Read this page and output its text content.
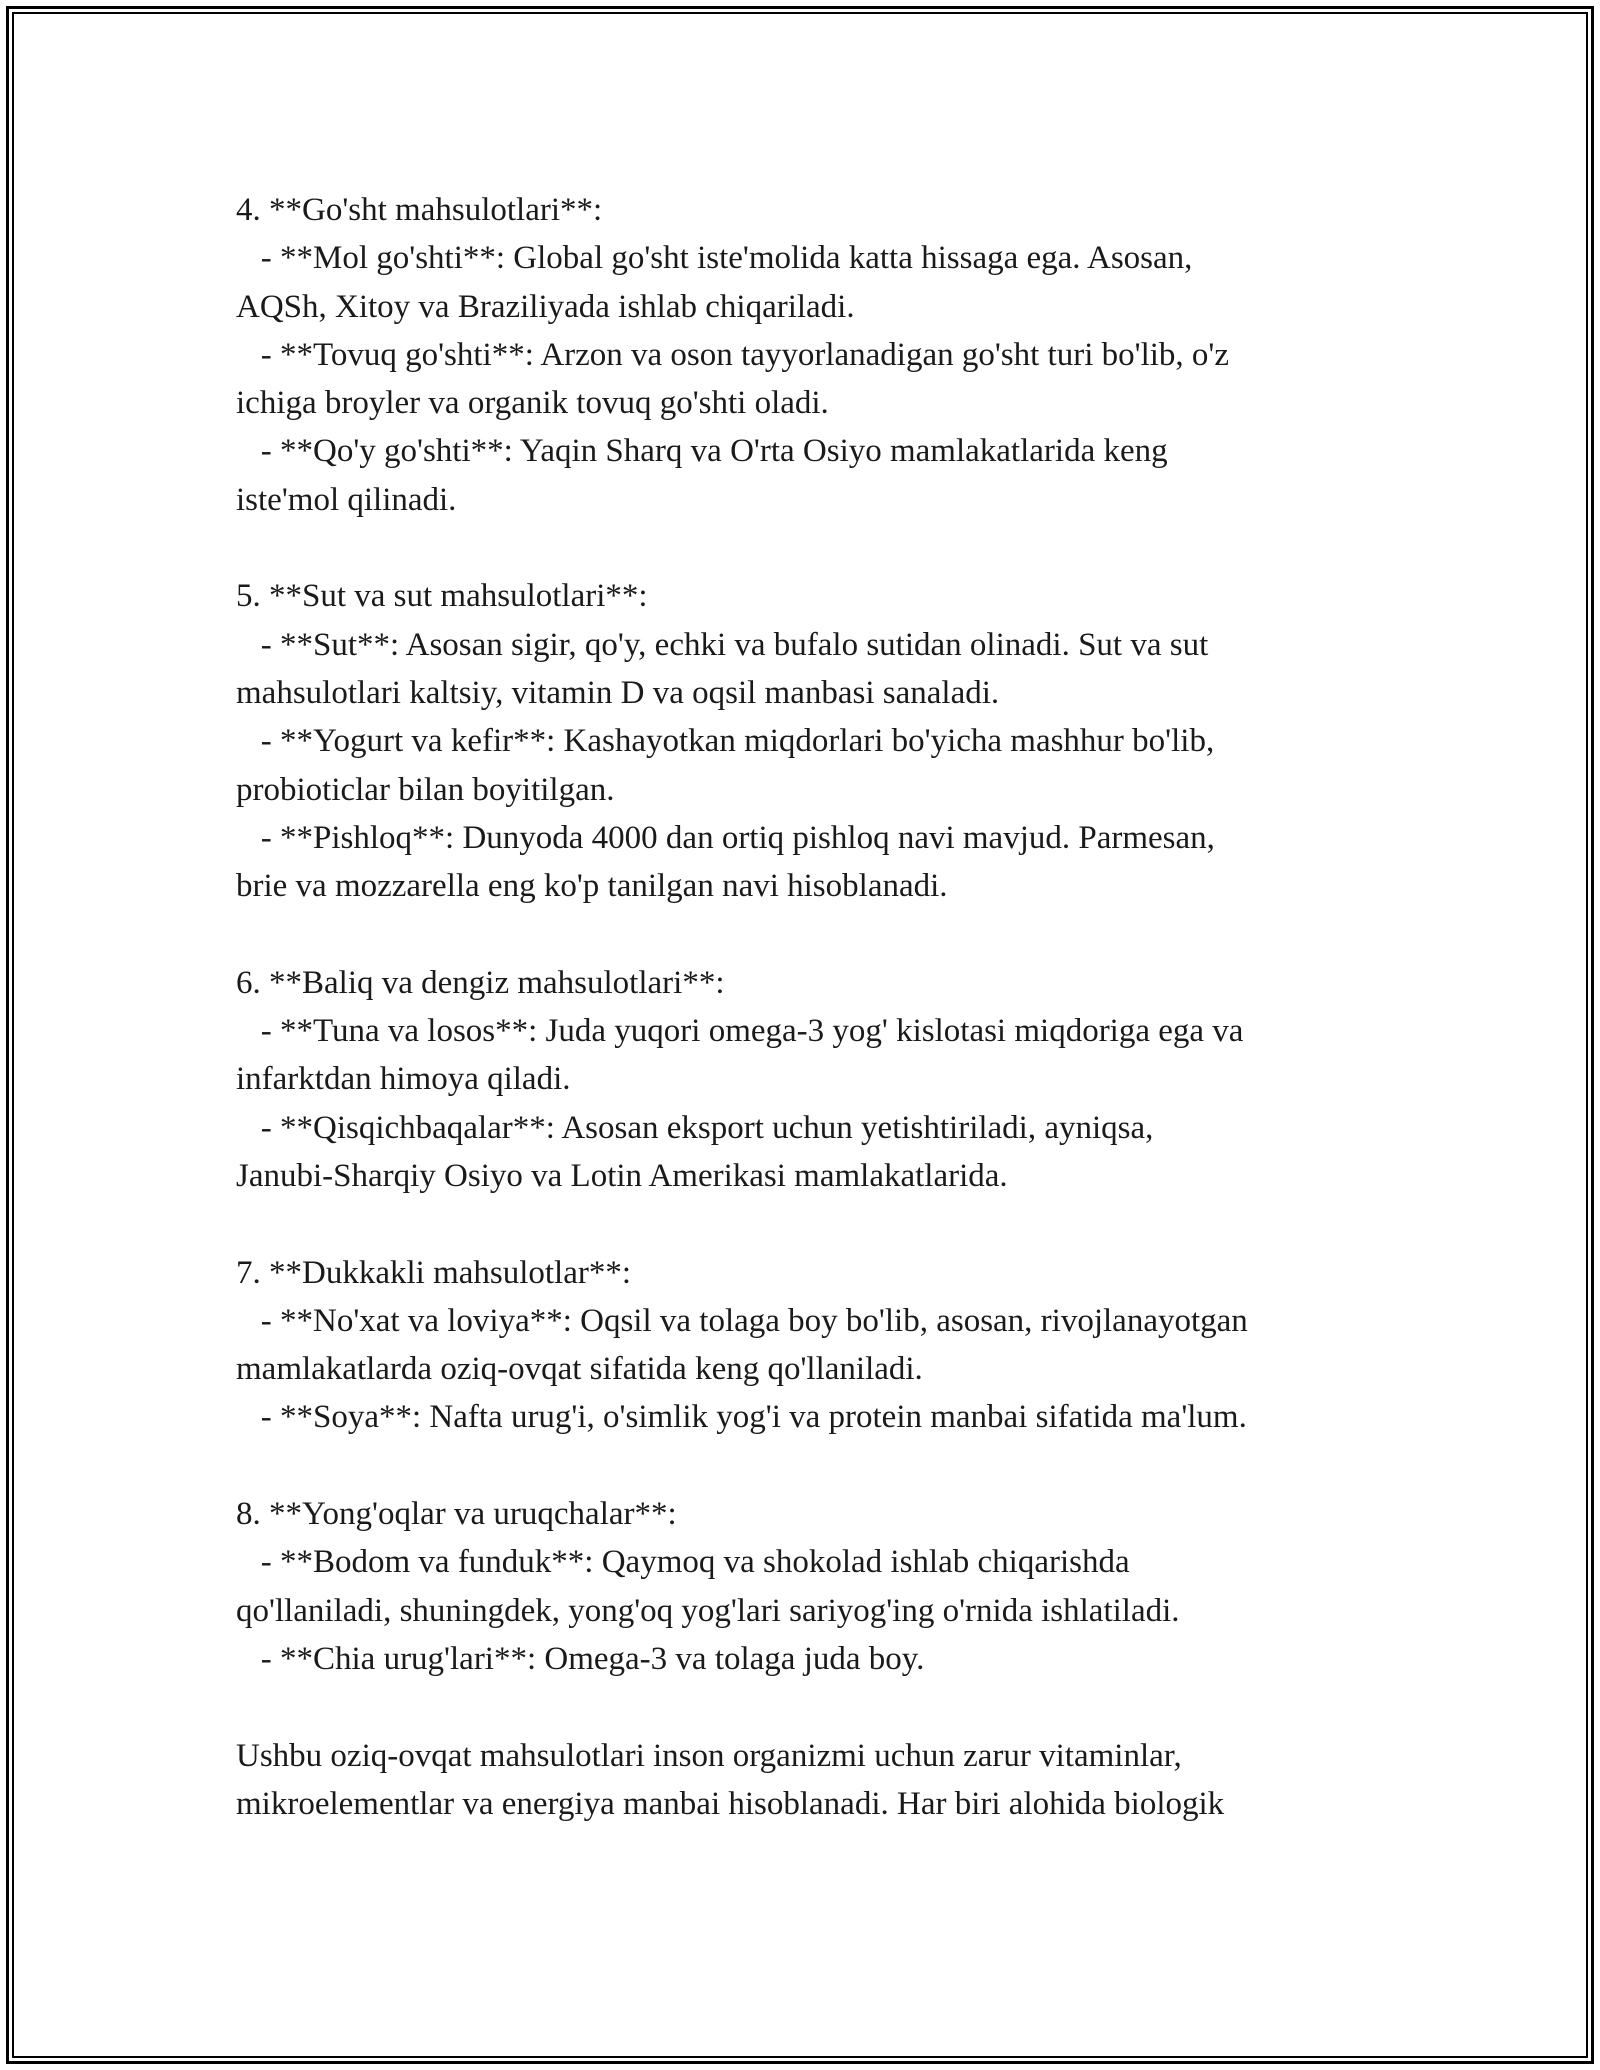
4. **Go'sht mahsulotlari**:
- **Mol go'shti**: Global go'sht iste'molida katta hissaga ega. Asosan,
AQSh, Xitoy va Braziliyada ishlab chiqariladi.
- **Tovuq go'shti**: Arzon va oson tayyorlanadigan go'sht turi bo'lib, o'z
ichiga broyler va organik tovuq go'shti oladi.
- **Qo'y go'shti**: Yaqin Sharq va O'rta Osiyo mamlakatlarida keng
iste'mol qilinadi.
5. **Sut va sut mahsulotlari**:
- **Sut**: Asosan sigir, qo'y, echki va bufalo sutidan olinadi. Sut va sut
mahsulotlari kaltsiy, vitamin D va oqsil manbasi sanaladi.
- **Yogurt va kefir**: Kashayotkan miqdorlari bo'yicha mashhur bo'lib,
probioticlar bilan boyitilgan.
- **Pishloq**: Dunyoda 4000 dan ortiq pishloq navi mavjud. Parmesan,
brie va mozzarella eng ko'p tanilgan navi hisoblanadi.
6. **Baliq va dengiz mahsulotlari**:
- **Tuna va losos**: Juda yuqori omega-3 yog' kislotasi miqdoriga ega va
infarktdan himoya qiladi.
- **Qisqichbaqalar**: Asosan eksport uchun yetishtiriladi, ayniqsa,
Janubi-Sharqiy Osiyo va Lotin Amerikasi mamlakatlarida.
7. **Dukkakli mahsulotlar**:
- **No'xat va loviya**: Oqsil va tolaga boy bo'lib, asosan, rivojlanayotgan
mamlakatlarda oziq-ovqat sifatida keng qo'llaniladi.
- **Soya**: Nafta urug'i, o'simlik yog'i va protein manbai sifatida ma'lum.
8. **Yong'oqlar va uruqchalar**:
- **Bodom va funduk**: Qaymoq va shokolad ishlab chiqarishda
qo'llaniladi, shuningdek, yong'oq yog'lari sariyog'ing o'rnida ishlatiladi.
- **Chia urug'lari**: Omega-3 va tolaga juda boy.
Ushbu oziq-ovqat mahsulotlari inson organizmi uchun zarur vitaminlar,
mikroelementlar va energiya manbai hisoblanadi. Har biri alohida biologik
